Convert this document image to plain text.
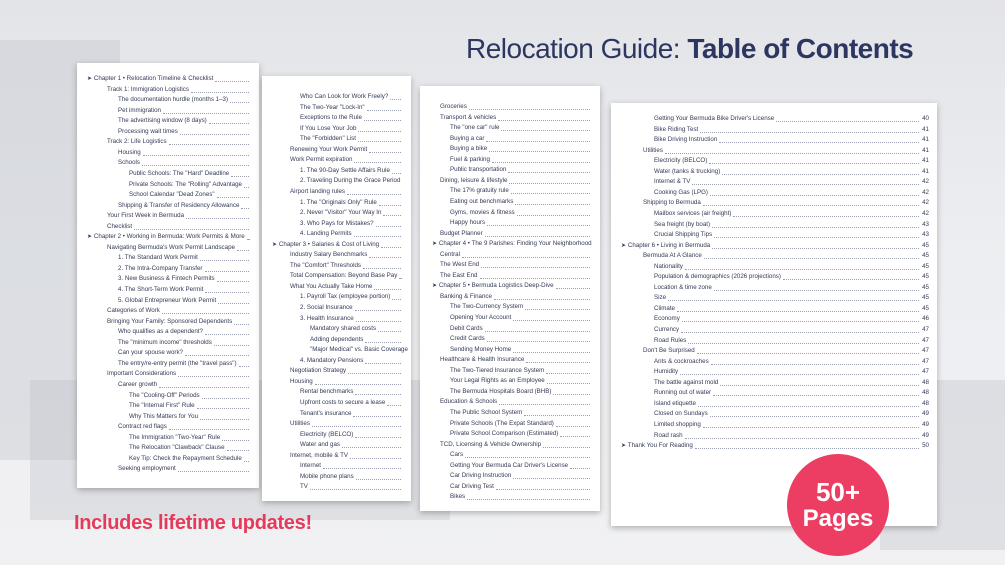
Relocation Guide: Table of Contents
➤ Chapter 1 • Relocation Timeline & Checklist
Track 1: Immigration Logistics
The documentation hurdle (months 1–3)
Pet immigration
The advertising window (8 days)
Processing wait times
Track 2: Life Logistics
Housing
Schools
Public Schools: The "Hard" Deadline
Private Schools: The "Rolling" Advantage
School Calendar "Dead Zones"
Shipping & Transfer of Residency Allowance
Your First Week in Bermuda
Checklist
➤ Chapter 2 • Working in Bermuda: Work Permits & More
Navigating Bermuda's Work Permit Landscape
1. The Standard Work Permit
2. The Intra-Company Transfer
3. New Business & Fintech Permits
4. The Short-Term Work Permit
5. Global Entrepreneur Work Permit
Categories of Work
Bringing Your Family: Sponsored Dependents
Who qualifies as a dependent?
The "minimum income" thresholds
Can your spouse work?
The entry/re-entry permit (the "travel pass")
Important Considerations
Career growth
The "Cooling-Off" Periods
The "Internal First" Rule
Why This Matters for You
Contract red flags
The Immigration "Two-Year" Rule
The Relocation "Clawback" Clause
Key Tip: Check the Repayment Schedule
Seeking employment
Who Can Look for Work Freely?
The Two-Year "Lock-In"
Exceptions to the Rule
If You Lose Your Job
The "Forbidden" List
Renewing Your Work Permit
Work Permit expiration
1. The 90-Day Settle Affairs Rule
2. Traveling During the Grace Period
Airport landing rules
1. The "Originals Only" Rule
2. Never "Visitor" Your Way In
3. Who Pays for Mistakes?
4. Landing Permits
➤ Chapter 3 • Salaries & Cost of Living
Industry Salary Benchmarks
The "Comfort" Thresholds
Total Compensation: Beyond Base Pay
What You Actually Take Home
1. Payroll Tax (employee portion)
2. Social Insurance
3. Health Insurance
Mandatory shared costs
Adding dependents
"Major Medical" vs. Basic Coverage
4. Mandatory Pensions
Negotiation Strategy
Housing
Rental benchmarks
Upfront costs to secure a lease
Tenant's insurance
Utilities
Electricity (BELCO)
Water and gas
Internet, mobile & TV
Internet
Mobile phone plans
TV
Groceries
Transport & vehicles
The "one car" rule
Buying a car
Buying a bike
Fuel & parking
Public transportation
Dining, leisure & lifestyle
The 17% gratuity rule
Eating out benchmarks
Gyms, movies & fitness
Happy hours
Budget Planner
➤ Chapter 4 • The 9 Parishes: Finding Your Neighborhood
Central
The West End
The East End
➤ Chapter 5 • Bermuda Logistics Deep-Dive
Banking & Finance
The Two-Currency System
Opening Your Account
Debit Cards
Credit Cards
Sending Money Home
Healthcare & Health Insurance
The Two-Tiered Insurance System
Your Legal Rights as an Employee
The Bermuda Hospitals Board (BHB)
Education & Schools
The Public School System
Private Schools (The Expat Standard)
Private School Comparison (Estimated)
TCD, Licensing & Vehicle Ownership
Cars
Getting Your Bermuda Car Driver's License
Car Driving Instruction
Car Driving Test
Bikes
Getting Your Bermuda Bike Driver's License	40
Bike Riding Test	41
Bike Driving Instruction	41
Utilities	41
Electricity (BELCO)	41
Water (tanks & trucking)	41
Internet & TV	42
Cooking Gas (LPG)	42
Shipping to Bermuda	42
Mailbox services (air freight)	42
Sea freight (by boat)	43
Crucial Shipping Tips	43
➤ Chapter 6 • Living in Bermuda	45
Bermuda At A Glance	45
Nationality	45
Population & demographics (2026 projections)	45
Location & time zone	45
Size	45
Climate	45
Economy	46
Currency	47
Road Rules	47
Don't Be Surprised	47
Ants & cockroaches	47
Humidity	47
The battle against mold	48
Running out of water	48
Island etiquette	48
Closed on Sundays	49
Limited shopping	49
Road rash	49
➤ Thank You For Reading	50
Includes lifetime updates!
50+
Pages
